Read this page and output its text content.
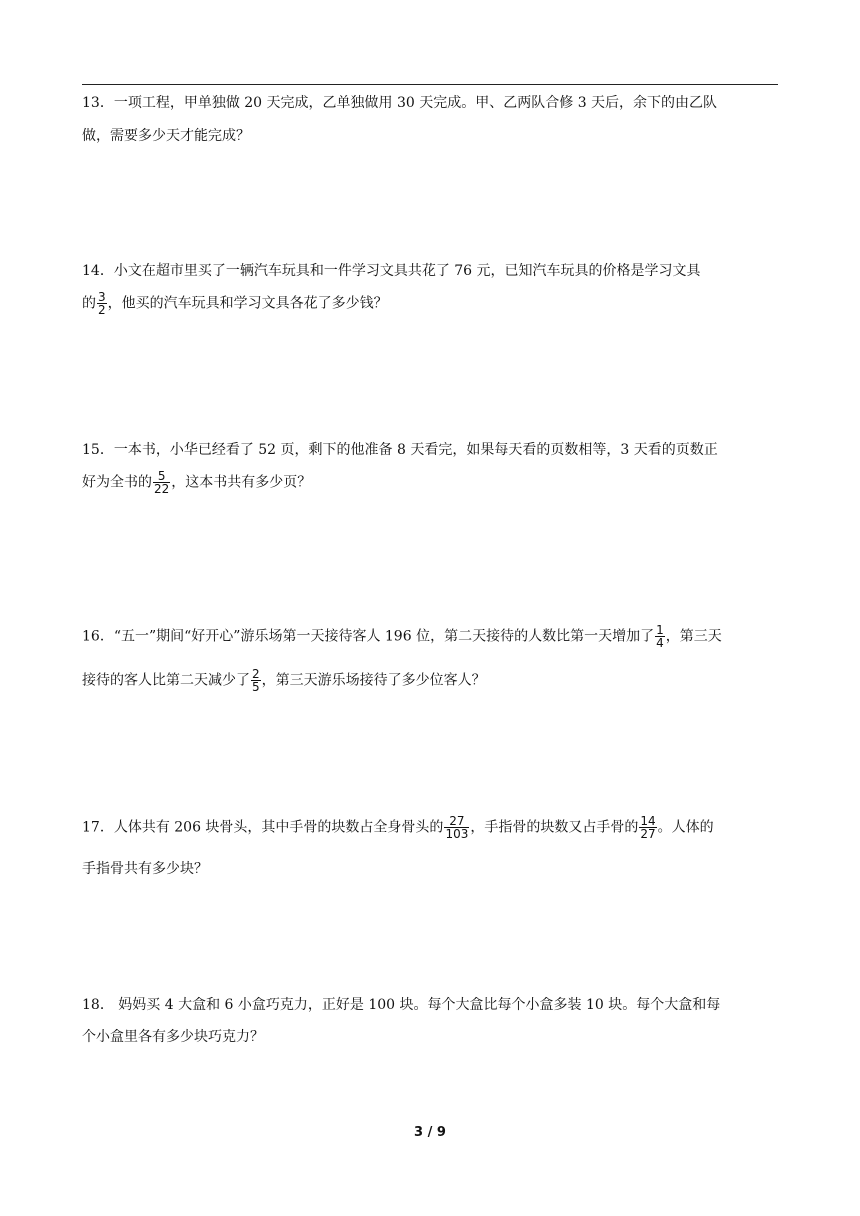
13．一项工程，甲单独做 20 天完成，乙单独做用 30 天完成。甲、乙两队合修 3 天后，余下的由乙队
做，需要多少天才能完成？
14．小文在超市里买了一辆汽车玩具和一件学习文具共花了 76 元，已知汽车玩具的价格是学习文具
的 $\frac{3}{2}$ ，他买的汽车玩具和学习文具各花了多少钱？
15．一本书，小华已经看了 52 页，剩下的他准备 8 天看完，如果每天看的页数相等，3 天看的页数正
好为全书的 $\frac{5}{22}$ ，这本书共有多少页？
16．“五一”期间“好开心”游乐场第一天接待客人 196 位，第二天接待的人数比第一天增加了 $\frac{1}{4}$ ，第三天
接待的客人比第二天减少了 $\frac{2}{5}$ ，第三天游乐场接待了多少位客人？
17．人体共有 206 块骨头，其中手骨的块数占全身骨头的 $\frac{27}{103}$ ，手指骨的块数又占手骨的 $\frac{14}{27}$ 。人体的
手指骨共有多少块？
18． 妈妈买 4 大盒和 6 小盒巧克力，正好是 100 块。每个大盒比每个小盒多装 10 块。每个大盒和每
个小盒里各有多少块巧克力？
3 / 9
